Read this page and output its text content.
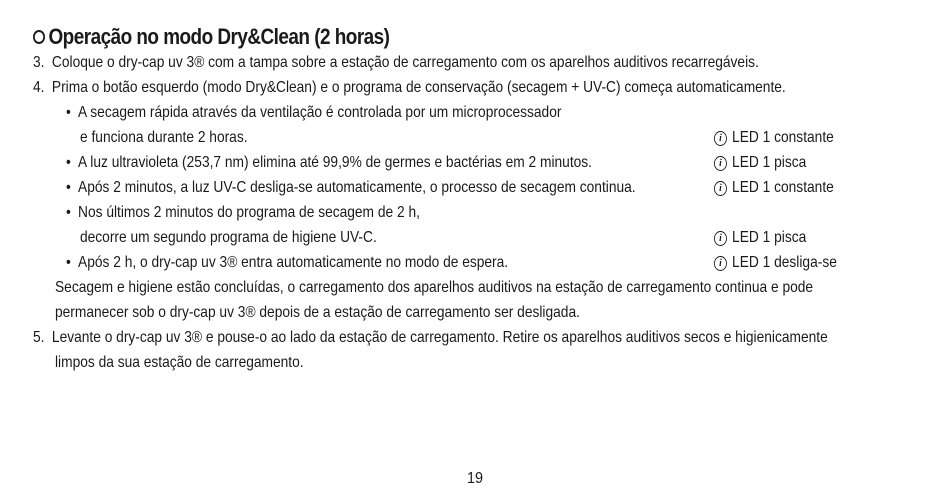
Operação no modo Dry&Clean (2 horas)
3. Coloque o dry-cap uv 3® com a tampa sobre a estação de carregamento com os aparelhos auditivos recarregáveis.
4. Prima o botão esquerdo (modo Dry&Clean) e o programa de conservação (secagem + UV-C) começa automaticamente.
• A secagem rápida através da ventilação é controlada por um microprocessador
e funciona durante 2 horas.	i LED 1 constante
• A luz ultravioleta (253,7 nm) elimina até 99,9% de germes e bactérias em 2 minutos.	i LED 1 pisca
• Após 2 minutos, a luz UV-C desliga-se automaticamente, o processo de secagem continua.	i LED 1 constante
• Nos últimos 2 minutos do programa de secagem de 2 h,
decorre um segundo programa de higiene UV-C.	i LED 1 pisca
• Após 2 h, o dry-cap uv 3® entra automaticamente no modo de espera.	i LED 1 desliga-se
Secagem e higiene estão concluídas, o carregamento dos aparelhos auditivos na estação de carregamento continua e pode
permanecer sob o dry-cap uv 3® depois de a estação de carregamento ser desligada.
5. Levante o dry-cap uv 3® e pouse-o ao lado da estação de carregamento. Retire os aparelhos auditivos secos e higienicamente
limpos da sua estação de carregamento.
19
